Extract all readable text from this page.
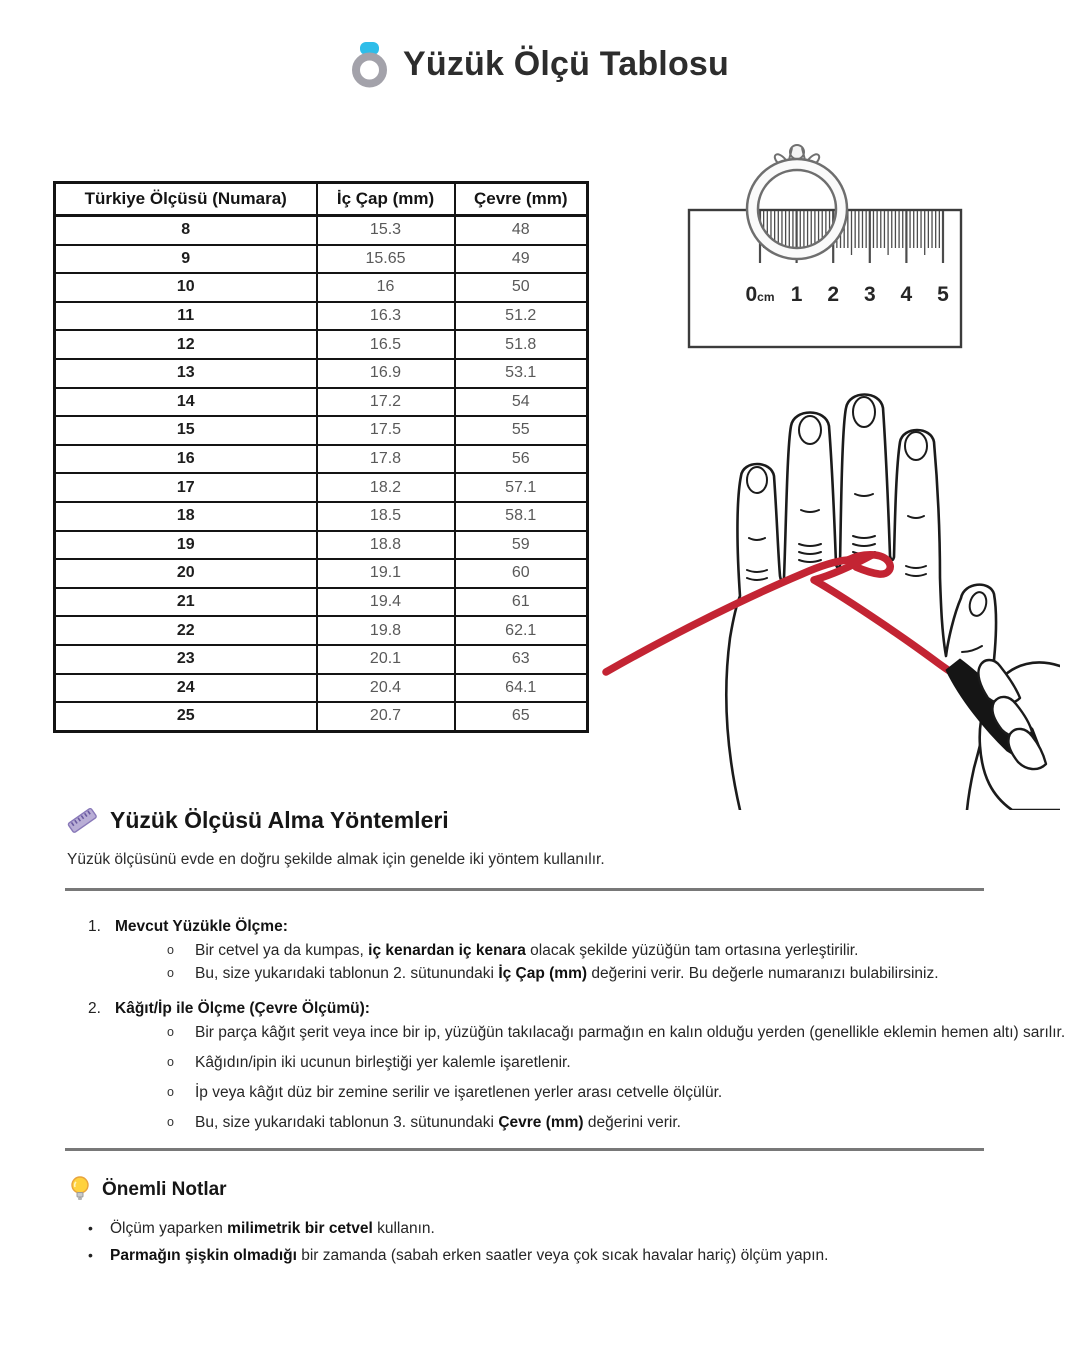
Yüzük Ölçü Tablosu
Türkiye Ölçüsü (Numara)	İç Çap (mm)	Çevre (mm)
8	15.3	48
9	15.65	49
10	16	50
11	16.3	51.2
12	16.5	51.8
13	16.9	53.1
14	17.2	54
15	17.5	55
16	17.8	56
17	18.2	57.1
18	18.5	58.1
19	18.8	59
20	19.1	60
21	19.4	61
22	19.8	62.1
23	20.1	63
24	20.4	64.1
25	20.7	65
0cm 1 2 3 4 5
Yüzük Ölçüsü Alma Yöntemleri
Yüzük ölçüsünü evde en doğru şekilde almak için genelde iki yöntem kullanılır.
1. Mevcut Yüzükle Ölçme:
o	Bir cetvel ya da kumpas, iç kenardan iç kenara olacak şekilde yüzüğün tam ortasına yerleştirilir.
o	Bu, size yukarıdaki tablonun 2. sütunundaki İç Çap (mm) değerini verir. Bu değerle numaranızı bulabilirsiniz.
2. Kâğıt/İp ile Ölçme (Çevre Ölçümü):
o	Bir parça kâğıt şerit veya ince bir ip, yüzüğün takılacağı parmağın en kalın olduğu yerden (genellikle eklemin hemen altı) sarılır.
o	Kâğıdın/ipin iki ucunun birleştiği yer kalemle işaretlenir.
o	İp veya kâğıt düz bir zemine serilir ve işaretlenen yerler arası cetvelle ölçülür.
o	Bu, size yukarıdaki tablonun 3. sütunundaki Çevre (mm) değerini verir.
Önemli Notlar
•	Ölçüm yaparken milimetrik bir cetvel kullanın.
•	Parmağın şişkin olmadığı bir zamanda (sabah erken saatler veya çok sıcak havalar hariç) ölçüm yapın.
